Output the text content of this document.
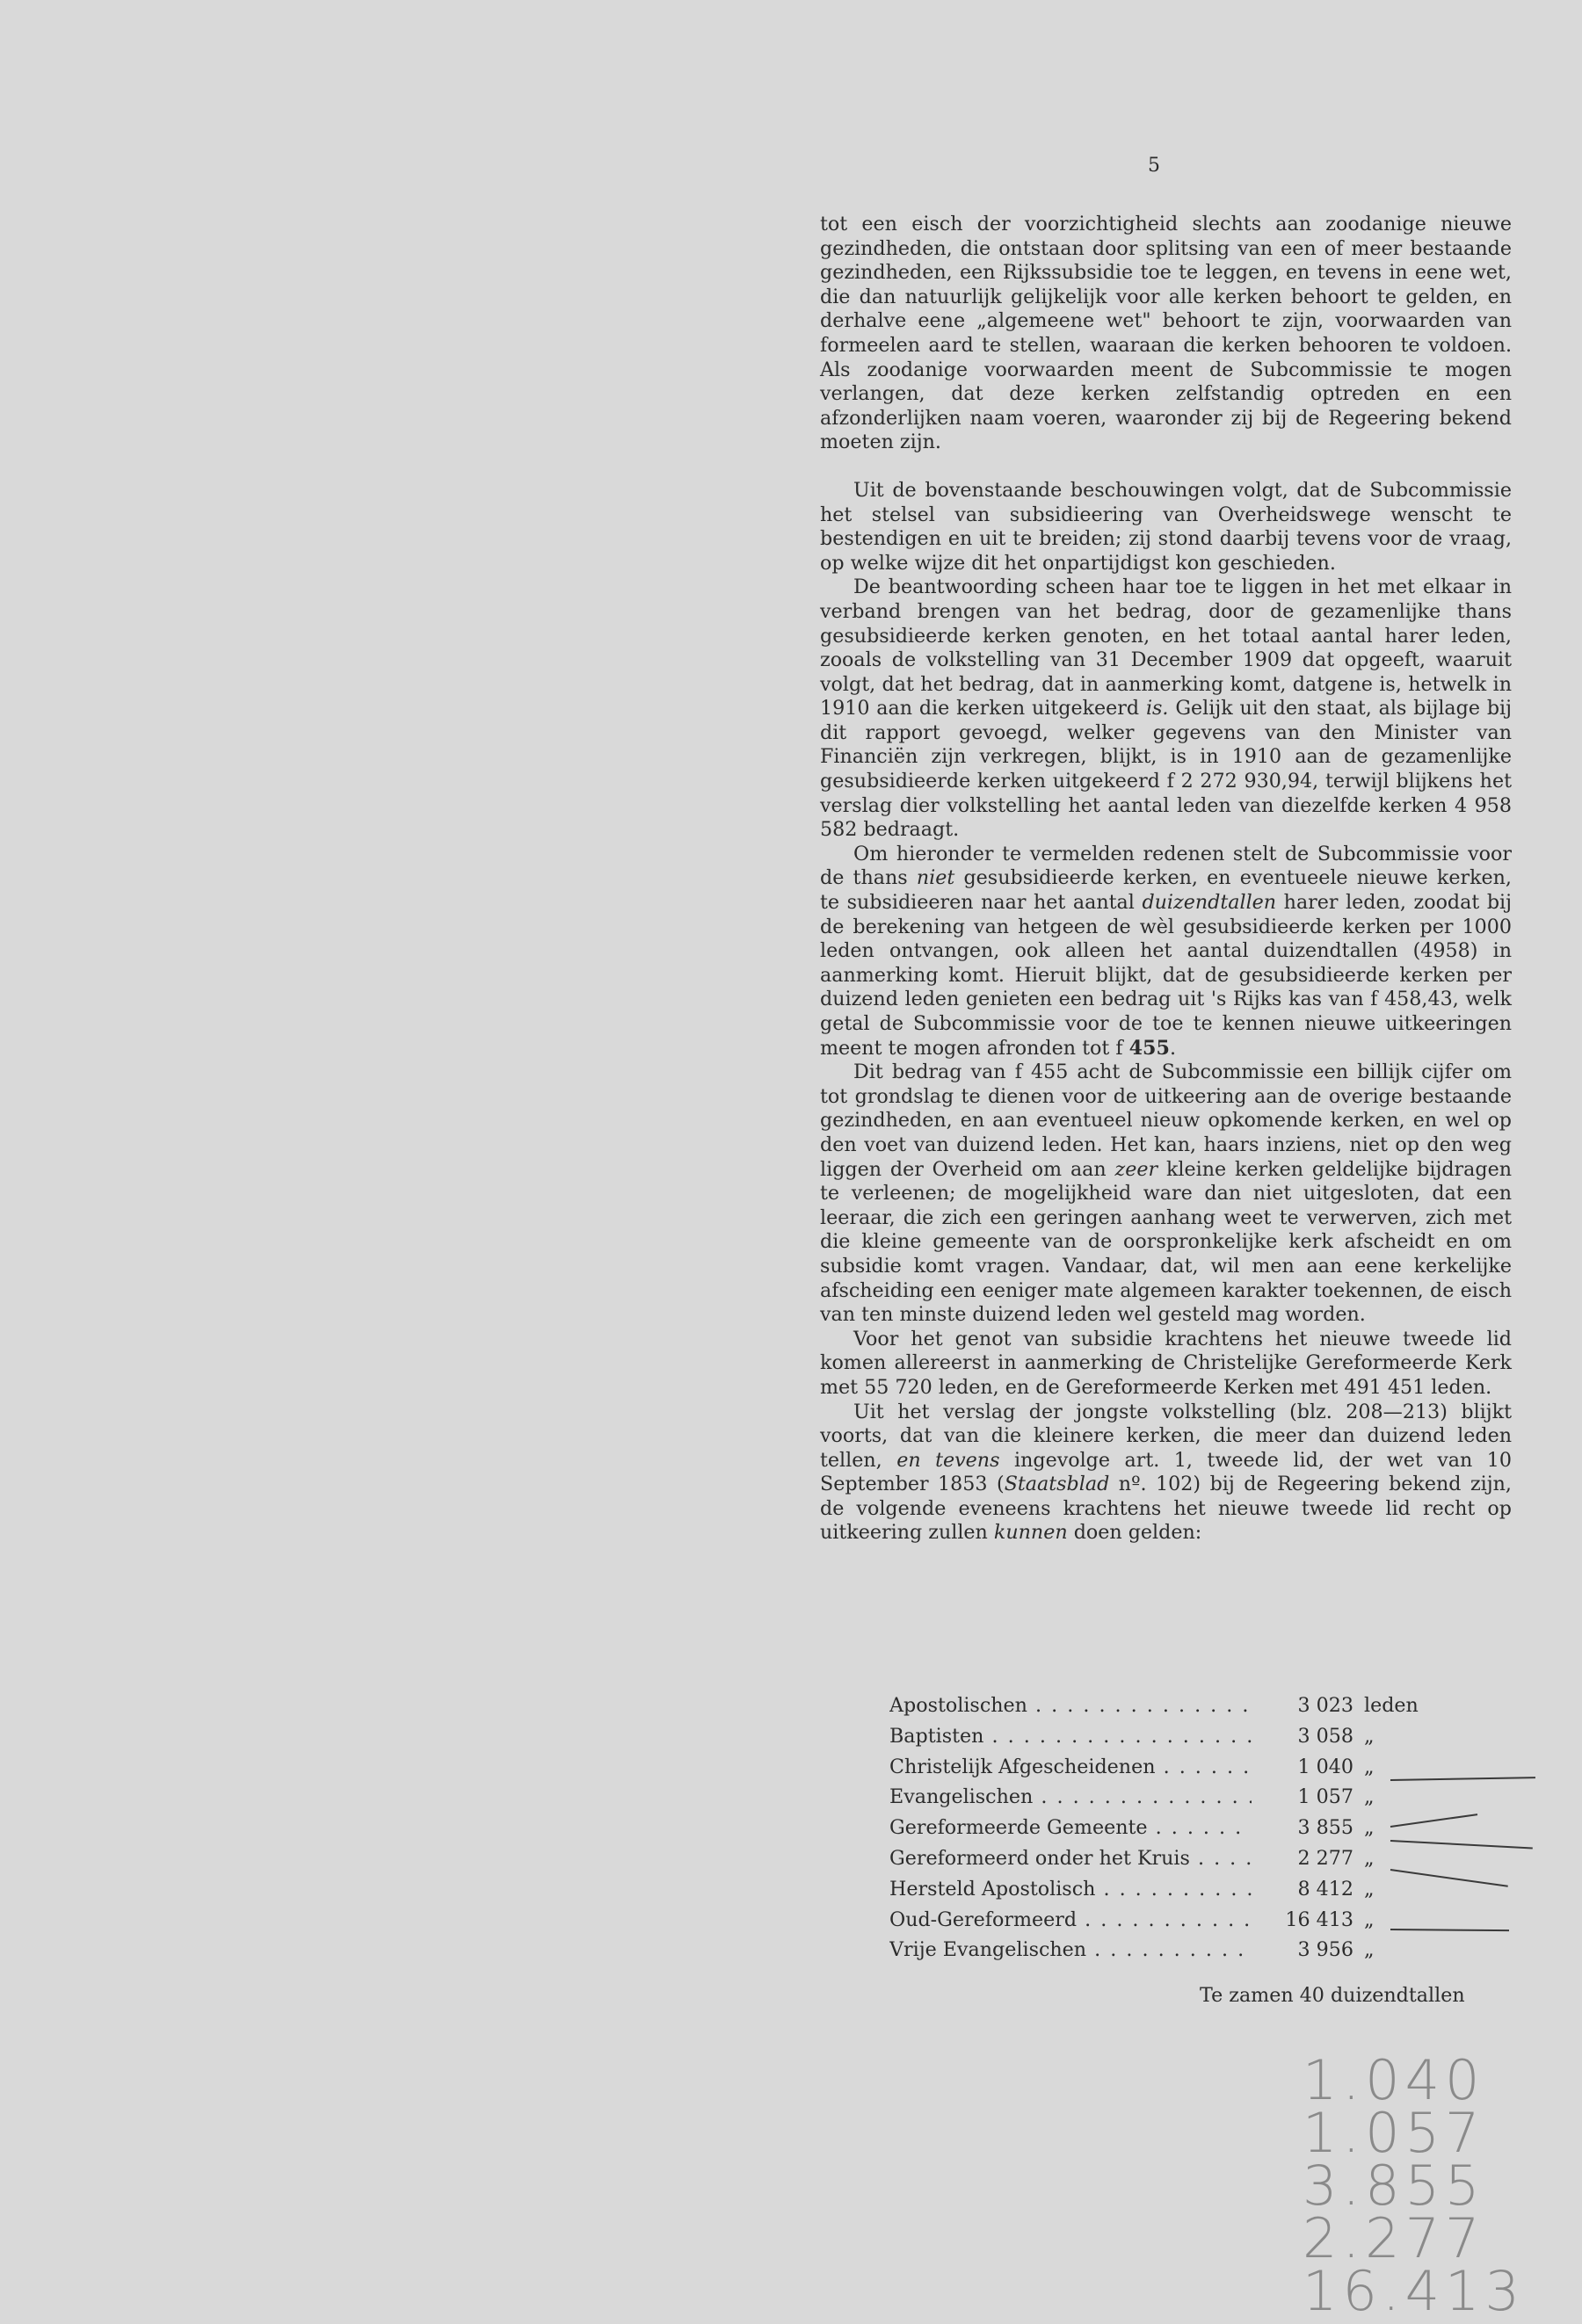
5

tot een eisch der voorzichtigheid slechts aan zoodanige nieuwe gezindheden, die ontstaan door splitsing van een of meer bestaande gezindheden, een Rijkssubsidie toe te leggen, en tevens in eene wet, die dan natuurlijk gelijkelijk voor alle kerken behoort te gelden, en derhalve eene „algemeene wet" behoort te zijn, voorwaarden van formeelen aard te stellen, waaraan die kerken behooren te voldoen. Als zoodanige voorwaarden meent de Subcommissie te mogen verlangen, dat deze kerken zelfstandig optreden en een afzonderlijken naam voeren, waaronder zij bij de Regeering bekend moeten zijn.

Uit de bovenstaande beschouwingen volgt, dat de Subcommissie het stelsel van subsidieering van Overheidswege wenscht te bestendigen en uit te breiden; zij stond daarbij tevens voor de vraag, op welke wijze dit het onpartijdigst kon geschieden.

De beantwoording scheen haar toe te liggen in het met elkaar in verband brengen van het bedrag, door de gezamenlijke thans gesubsidieerde kerken genoten, en het totaal aantal harer leden, zooals de volkstelling van 31 December 1909 dat opgeeft, waaruit volgt, dat het bedrag, dat in aanmerking komt, datgene is, hetwelk in 1910 aan die kerken uitgekeerd is. Gelijk uit den staat, als bijlage bij dit rapport gevoegd, welker gegevens van den Minister van Financiën zijn verkregen, blijkt, is in 1910 aan de gezamenlijke gesubsidieerde kerken uitgekeerd f 2 272 930,94, terwijl blijkens het verslag dier volkstelling het aantal leden van diezelfde kerken 4 958 582 bedraagt.

Om hieronder te vermelden redenen stelt de Subcommissie voor de thans niet gesubsidieerde kerken, en eventueele nieuwe kerken, te subsidieeren naar het aantal duizendtallen harer leden, zoodat bij de berekening van hetgeen de wèl gesubsidieerde kerken per 1000 leden ontvangen, ook alleen het aantal duizendtallen (4958) in aanmerking komt. Hieruit blijkt, dat de gesubsidieerde kerken per duizend leden genieten een bedrag uit 's Rijks kas van f 458,43, welk getal de Subcommissie voor de toe te kennen nieuwe uitkeeringen meent te mogen afronden tot f 455.

Dit bedrag van f 455 acht de Subcommissie een billijk cijfer om tot grondslag te dienen voor de uitkeering aan de overige bestaande gezindheden, en aan eventueel nieuw opkomende kerken, en wel op den voet van duizend leden. Het kan, haars inziens, niet op den weg liggen der Overheid om aan zeer kleine kerken geldelijke bijdragen te verleenen; de mogelijkheid ware dan niet uitgesloten, dat een leeraar, die zich een geringen aanhang weet te verwerven, zich met die kleine gemeente van de oorspronkelijke kerk afscheidt en om subsidie komt vragen. Vandaar, dat, wil men aan eene kerkelijke afscheiding een eeniger mate algemeen karakter toekennen, de eisch van ten minste duizend leden wel gesteld mag worden.

Voor het genot van subsidie krachtens het nieuwe tweede lid komen allereerst in aanmerking de Christelijke Gereformeerde Kerk met 55 720 leden, en de Gereformeerde Kerken met 491 451 leden.

Uit het verslag der jongste volkstelling (blz. 208—213) blijkt voorts, dat van die kleinere kerken, die meer dan duizend leden tellen, en tevens ingevolge art. 1, tweede lid, der wet van 10 September 1853 (Staatsblad nº. 102) bij de Regeering bekend zijn, de volgende eveneens krachtens het nieuwe tweede lid recht op uitkeering zullen kunnen doen gelden:

Apostolischen . . .	3 023 leden
Baptisten . . .	3 058 „
Christelijk Afgescheidenen . . .	1 040 „
Evangelischen . . .	1 057 „
Gereformeerde Gemeente . . .	3 855 „
Gereformeerd onder het Kruis . . .	2 277 „
Hersteld Apostolisch . . .	8 412 „
Oud-Gereformeerd . . .	16 413 „
Vrije Evangelischen . . .	3 956 „
Te zamen 40 duizendtallen
1.040
1.057
3.855
2.277
16.413
